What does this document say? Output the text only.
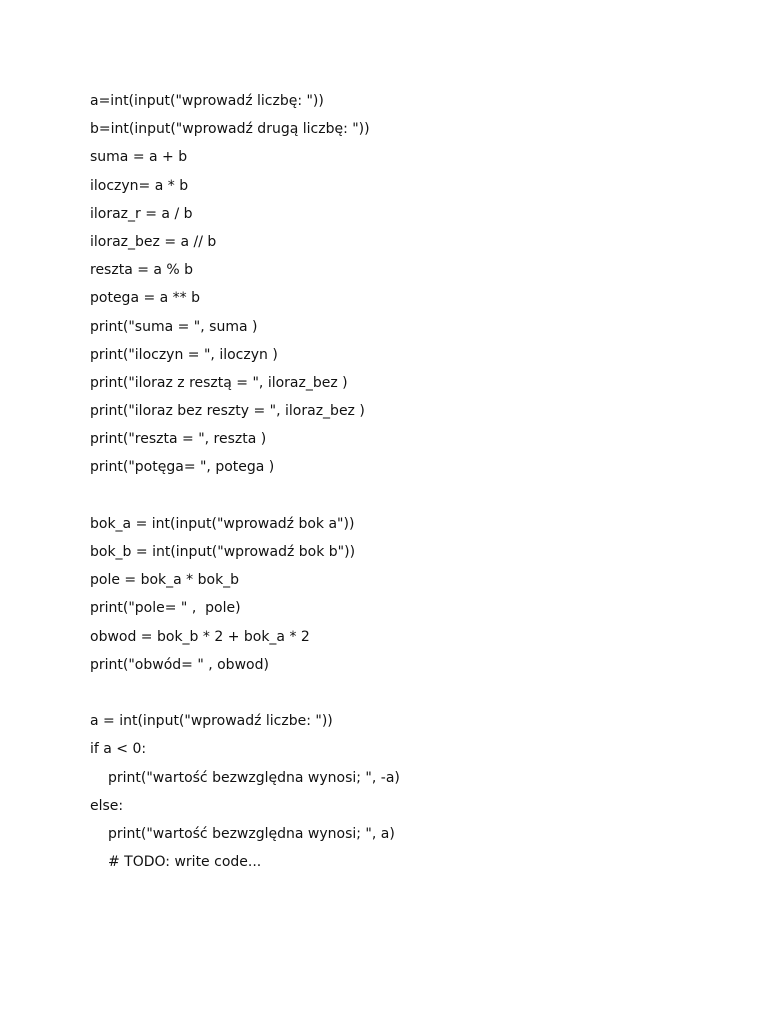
a=int(input("wprowadź liczbę: "))
b=int(input("wprowadź drugą liczbę: "))
suma = a + b
iloczyn= a * b
iloraz_r = a / b
iloraz_bez = a // b
reszta = a % b
potega = a ** b
print("suma = ", suma )
print("iloczyn = ", iloczyn )
print("iloraz z resztą = ", iloraz_bez )
print("iloraz bez reszty = ", iloraz_bez )
print("reszta = ", reszta )
print("potęga= ", potega )
bok_a = int(input("wprowadź bok a"))
bok_b = int(input("wprowadź bok b"))
pole = bok_a * bok_b
print("pole= " ,  pole)
obwod = bok_b * 2 + bok_a * 2
print("obwód= " , obwod)
a = int(input("wprowadź liczbe: "))
if a < 0:
print("wartość bezwzględna wynosi; ", -a)
else:
print("wartość bezwzględna wynosi; ", a)
# TODO: write code...
